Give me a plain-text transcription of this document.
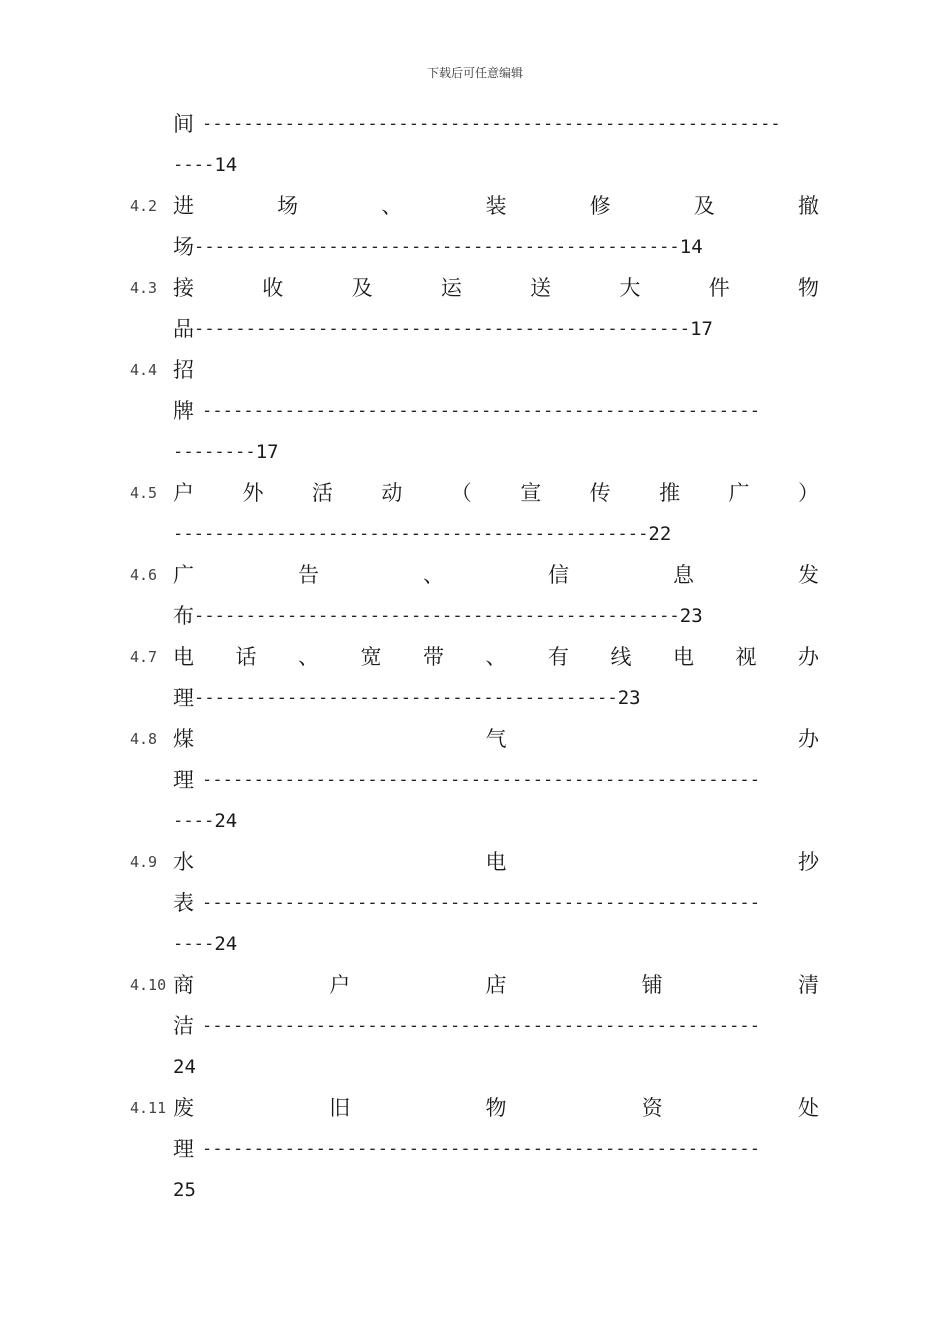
下载后可任意编辑
间 --------------------------------------------------------
---- 14
4.2 进	场	、	装	修	及	撤
场 ----------------------------------------------- 14
4.3 接	收	及	运	送	大	件	物
品 ------------------------------------------------ 17
4.4 招
牌 ------------------------------------------------------
-------- 17
4.5 户 外 活 动 （ 宣 传 推 广 ）
---------------------------------------------- 22
4.6 广	告	、	信	息	发
布 ----------------------------------------------- 23
4.7 电 话 、 宽 带 、 有 线 电 视 办
理 ----------------------------------------- 23
4.8 煤	气	办
理 ------------------------------------------------------
---- 24
4.9 水	电	抄
表 ------------------------------------------------------
---- 24
4.10 商	户	店	铺	清
洁 ------------------------------------------------------
24
4.11 废	旧	物	资	处
理 ------------------------------------------------------
25
